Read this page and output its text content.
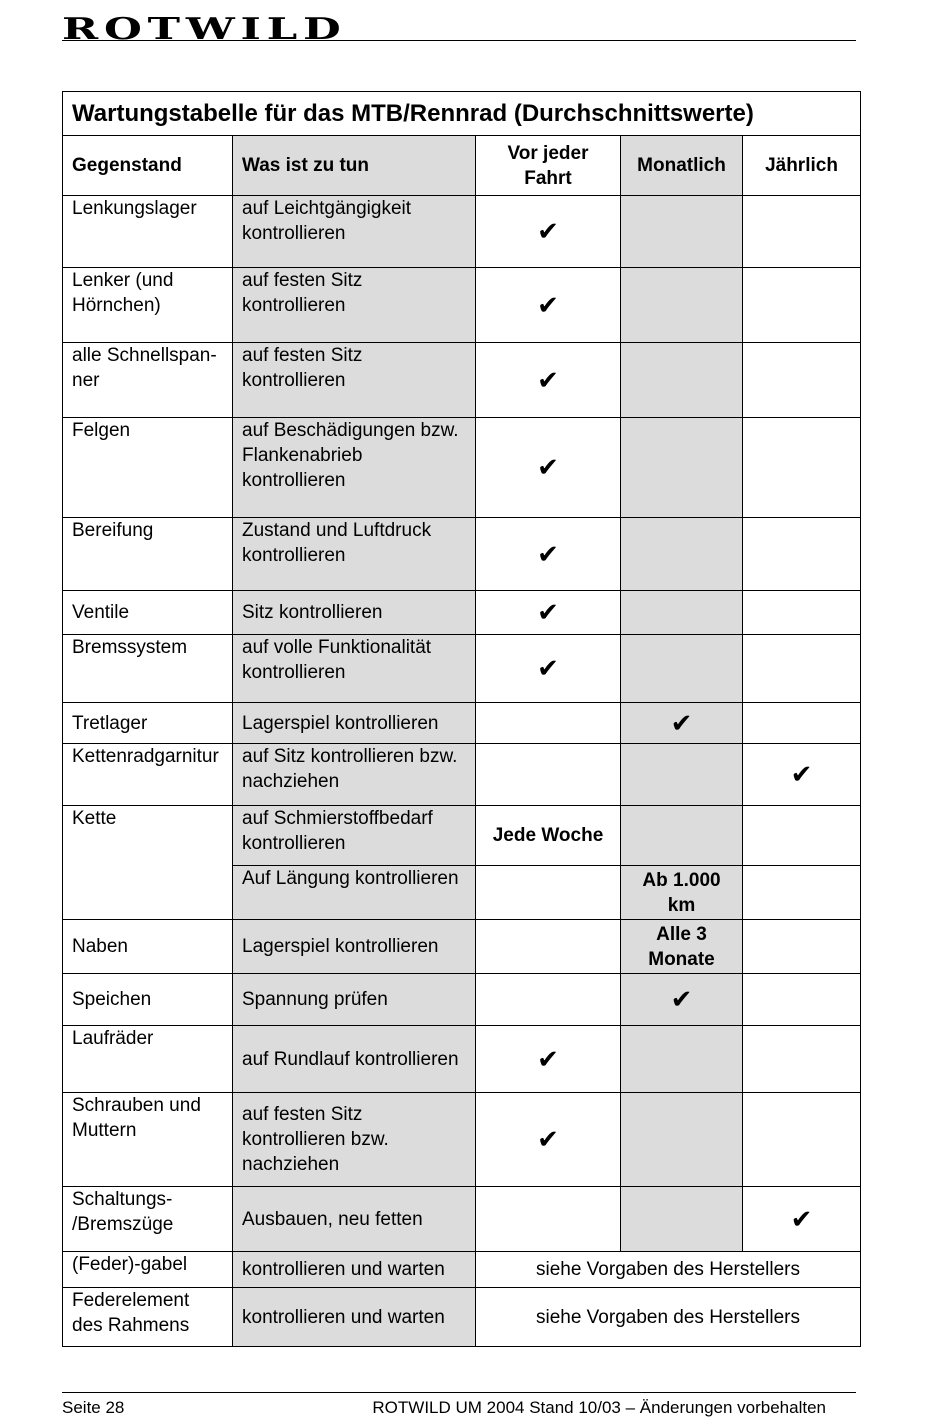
ROTWILD
Wartungstabelle für das MTB/Rennrad (Durchschnittswerte)				
Gegenstand	Was ist zu tun	Vor jeder Fahrt	Monatlich	Jährlich
Lenkungslager	auf Leichtgängigkeit kontrollieren	✔		
Lenker (und Hörnchen)	auf festen Sitz kontrollieren	✔		
alle Schnellspan-ner	auf festen Sitz kontrollieren	✔		
Felgen	auf Beschädigungen bzw. Flankenabrieb kontrollieren	✔		
Bereifung	Zustand und Luftdruck kontrollieren	✔		
Ventile	Sitz kontrollieren	✔		
Bremssystem	auf volle Funktionalität kontrollieren	✔		
Tretlager	Lagerspiel kontrollieren		✔	
Kettenradgarnitur	auf Sitz kontrollieren bzw. nachziehen			✔
Kette	auf Schmierstoffbedarf kontrollieren	Jede Woche		
	Auf Längung kontrollieren		Ab 1.000 km	
Naben	Lagerspiel kontrollieren		Alle 3 Monate	
Speichen	Spannung prüfen		✔	
Laufräder	auf Rundlauf kontrollieren	✔		
Schrauben und Muttern	auf festen Sitz kontrollieren bzw. nachziehen	✔		
Schaltungs- /Bremszüge	Ausbauen, neu fetten			✔
(Feder)-gabel	kontrollieren und warten	siehe Vorgaben des Herstellers		
Federelement des Rahmens	kontrollieren und warten	siehe Vorgaben des Herstellers		
Seite 28	ROTWILD UM 2004 Stand 10/03 – Änderungen vorbehalten
